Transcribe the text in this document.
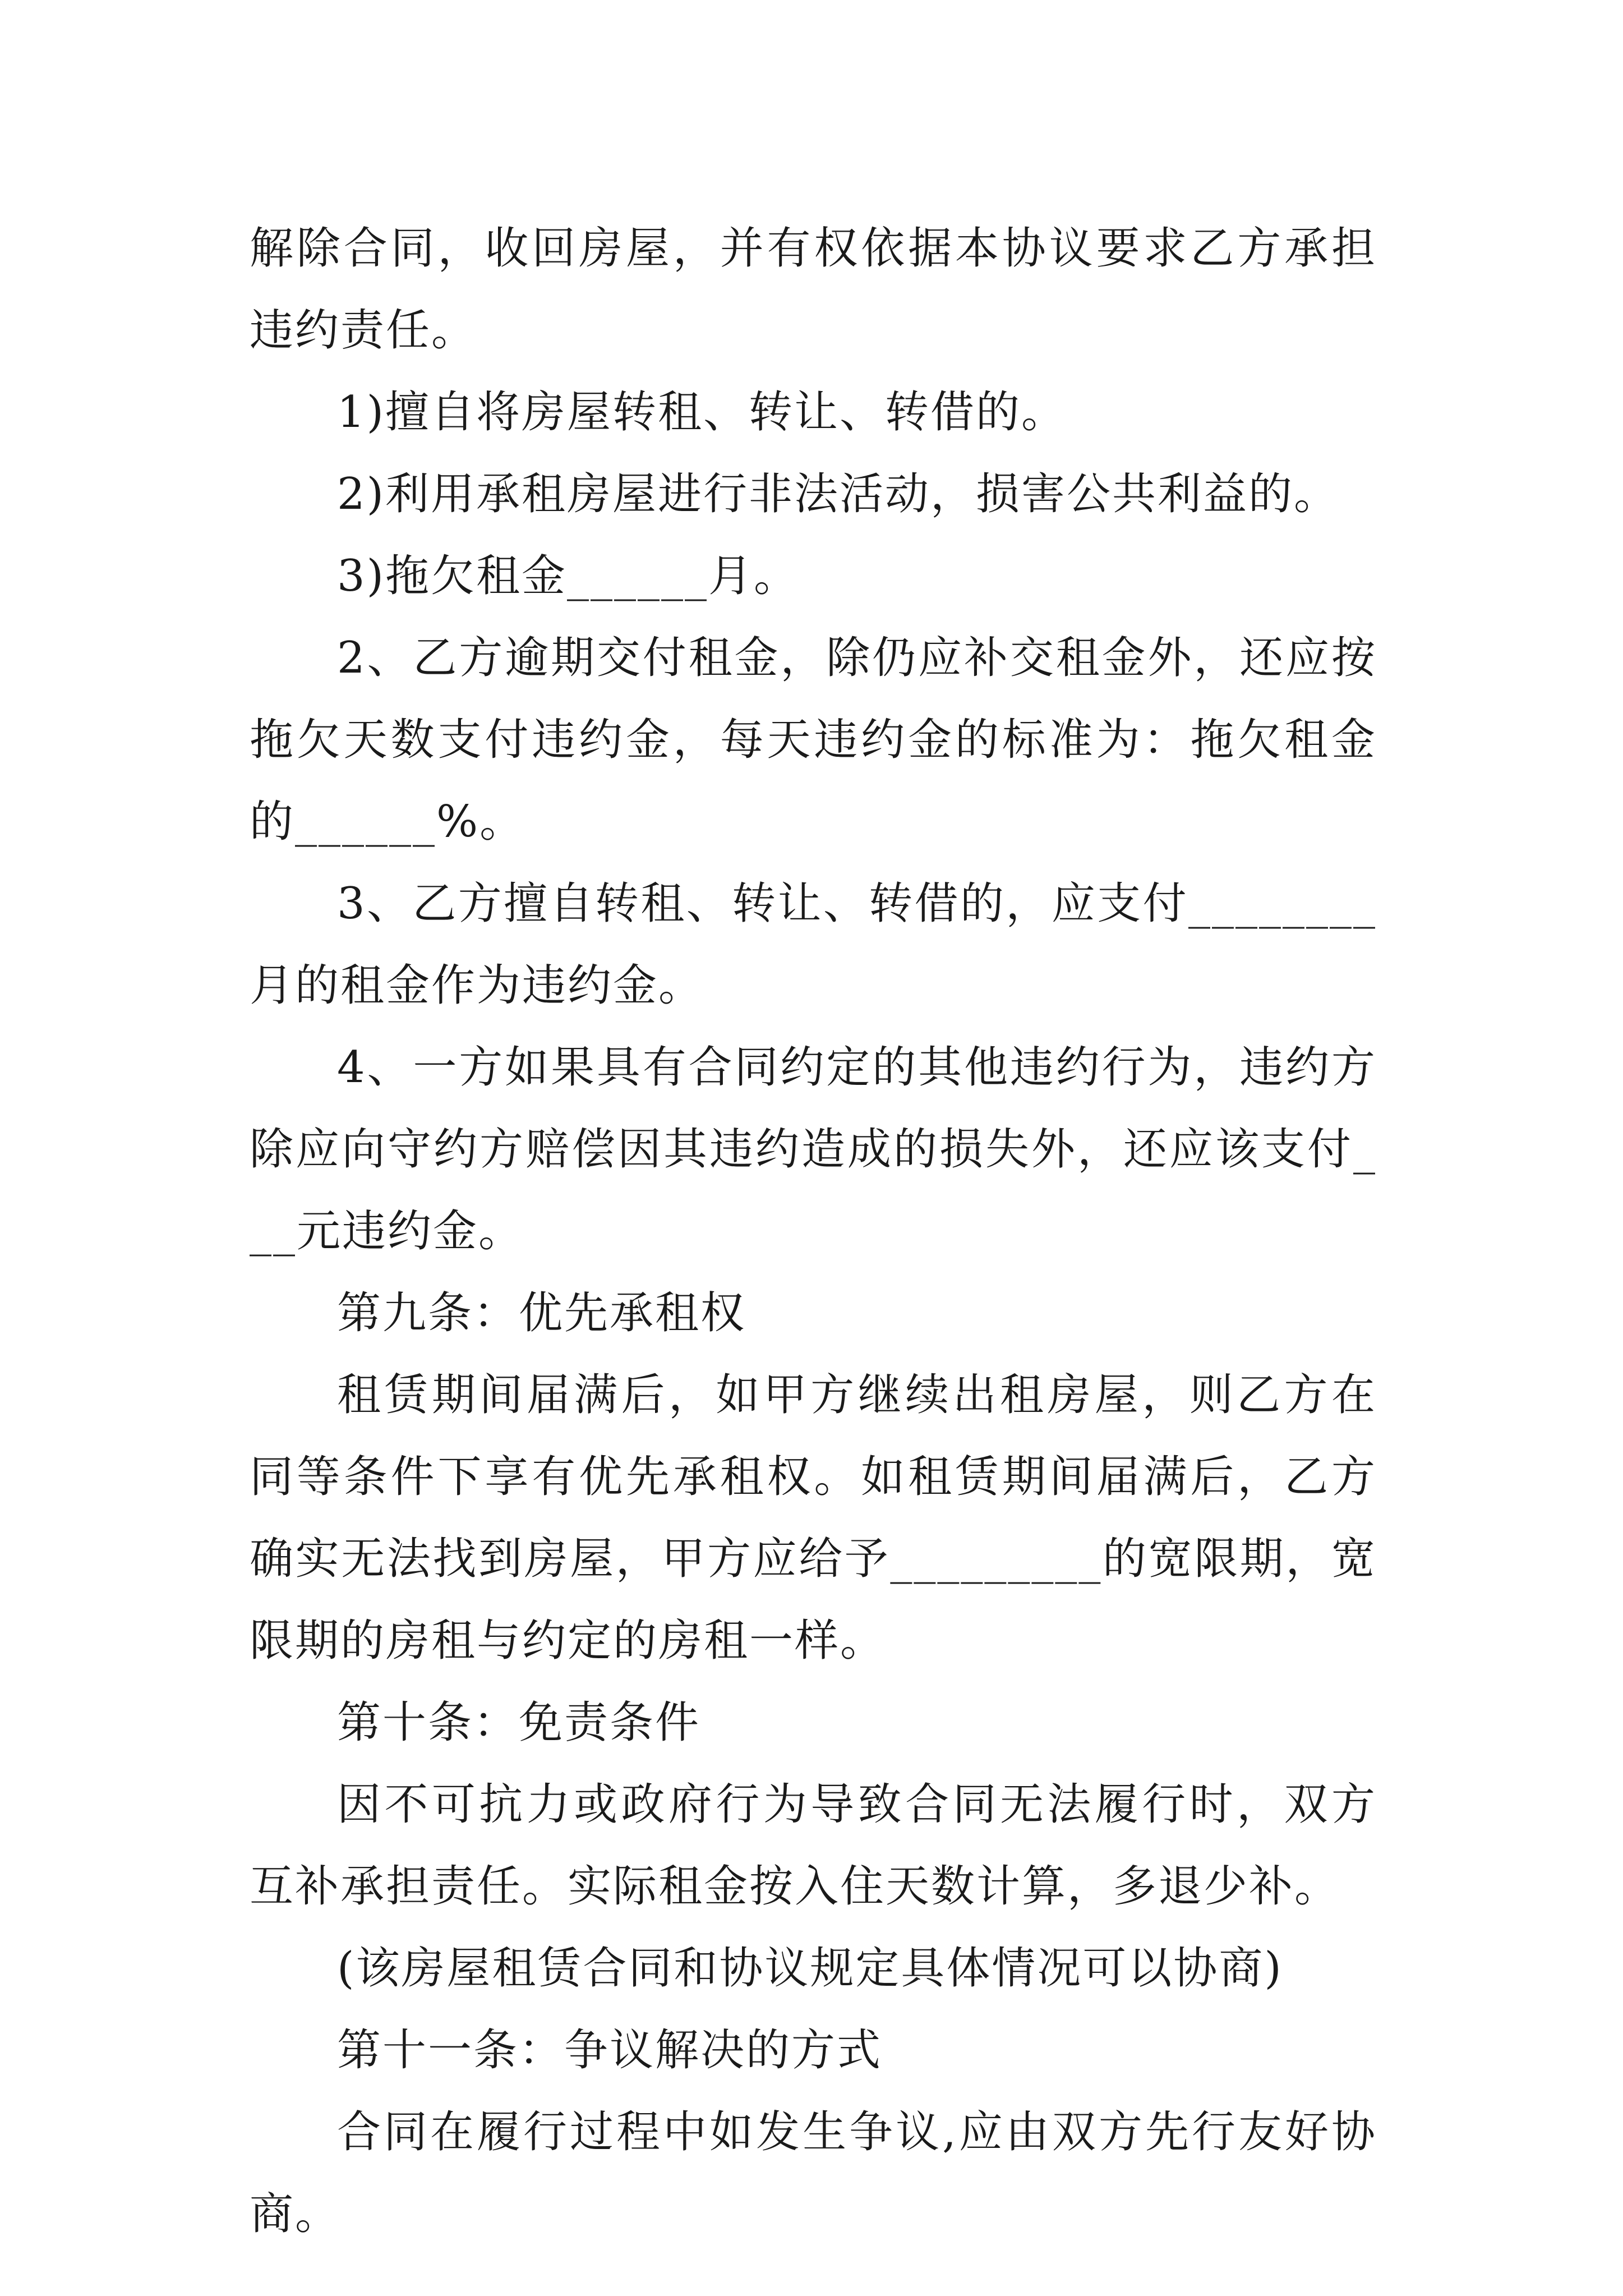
解除合同，收回房屋，并有权依据本协议要求乙方承担违约责任。

1)擅自将房屋转租、转让、转借的。

2)利用承租房屋进行非法活动，损害公共利益的。

3)拖欠租金______月。

2、乙方逾期交付租金，除仍应补交租金外，还应按拖欠天数支付违约金，每天违约金的标准为：拖欠租金的______%。

3、乙方擅自转租、转让、转借的，应支付________月的租金作为违约金。

4、一方如果具有合同约定的其他违约行为，违约方除应向守约方赔偿因其违约造成的损失外，还应该支付___元违约金。

第九条：优先承租权

租赁期间届满后，如甲方继续出租房屋，则乙方在同等条件下享有优先承租权。如租赁期间届满后，乙方确实无法找到房屋，甲方应给予_________的宽限期，宽限期的房租与约定的房租一样。

第十条：免责条件

因不可抗力或政府行为导致合同无法履行时，双方互补承担责任。实际租金按入住天数计算，多退少补。

(该房屋租赁合同和协议规定具体情况可以协商)

第十一条：争议解决的方式

合同在履行过程中如发生争议,应由双方先行友好协商。
